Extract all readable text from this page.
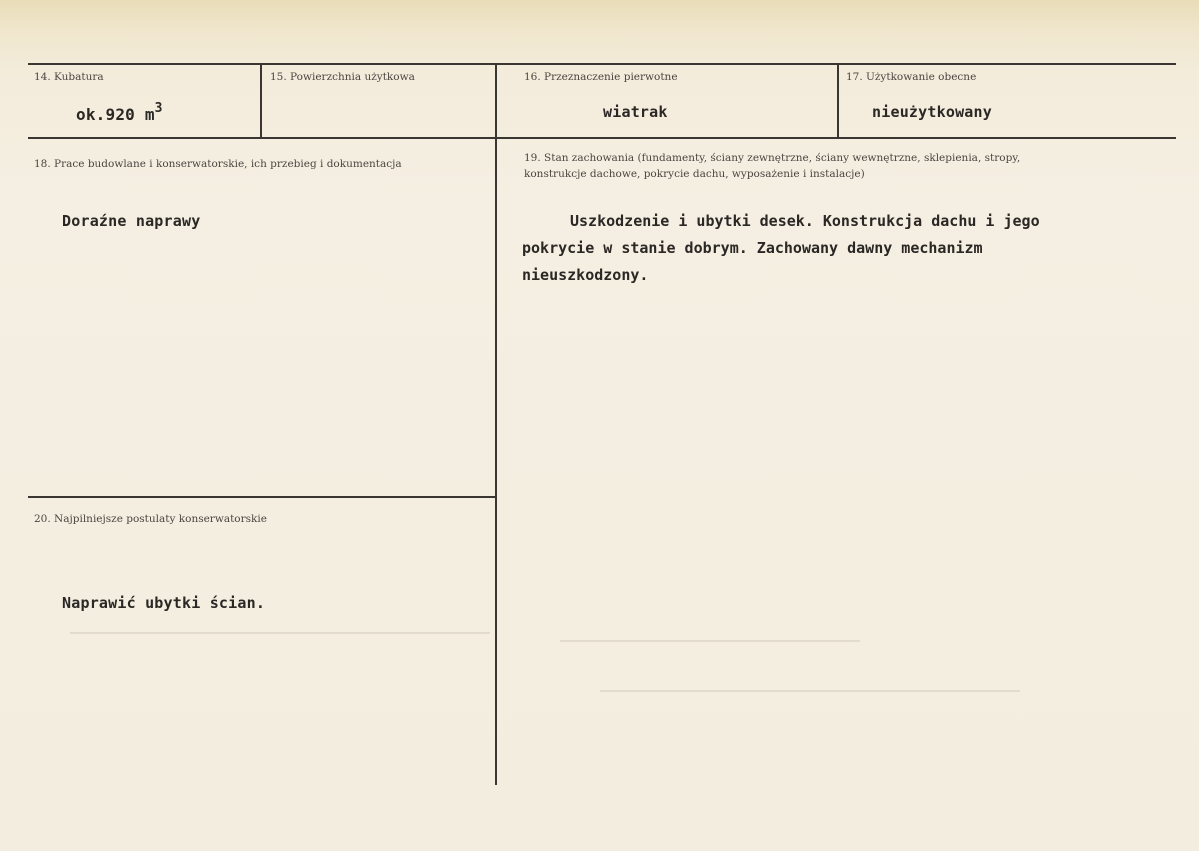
14. Kubatura
ok.920 $m^3$
15. Powierzchnia użytkowa	16. Przeznaczenie pierwotne
wiatrak
17. Użytkowanie obecne
nieużytkowany
18. Prace budowlane i konserwatorskie, ich przebieg i dokumentacja
Doraźne naprawy
19. Stan zachowania (fundamenty, ściany zewnętrzne, ściany wewnętrzne, sklepienia, stropy,
konstrukcje dachowe, pokrycie dachu, wyposażenie i instalacje)
Uszkodzenie i ubytki desek. Konstrukcja dachu i jego
pokrycie w stanie dobrym. Zachowany dawny mechanizm
nieuszkodzony.
20. Najpilniejsze postulaty konserwatorskie
Naprawić ubytki ścian.
